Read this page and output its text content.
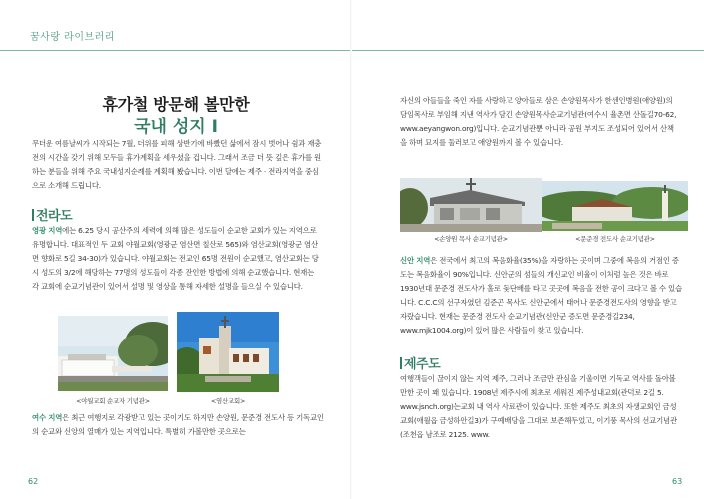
꿈사랑 라이브러리
휴가철 방문해 볼만한
국내 성지 I

무더운 여름날씨가 시작되는 7월, 더위를 피해 상반기에 바빴던 삶에서 잠시 벗어나 쉼과 재충전의 시간을 갖기 위해 모두들 휴가계획을 세우셨을 겁니다. 그래서 조금 더 뜻 깊은 휴가를 원하는 분들을 위해 주요 국내성지순례를 계획해 봤습니다. 이번 달에는 제주 · 전라지역을 중심으로 소개해 드립니다.

전라도

영광 지역에는 6.25 당시 공산주의 세력에 의해 많은 성도들이 순교한 교회가 있는 지역으로 유명합니다. 대표적인 두 교회 야월교회(영광군 염산면 칠산로 565)와 염산교회(영광군 염산면 향화로 5길 34-30)가 있습니다. 야월교회는 전교인 65명 전원이 순교했고, 염산교회는 당시 성도의 3/2에 해당하는 77명의 성도들이 각종 잔인한 방법에 의해 순교했습니다. 현재는 각 교회에 순교기념관이 있어서 설명 및 영상을 통해 자세한 설명을 들으실 수 있습니다.

<야월교회 순교자 기념관>	<염산교회>

여수 지역은 최근 여행지로 각광받고 있는 곳이기도 하지만 손양원, 문준경 전도사 등 기독교인의 순교와 신앙의 열매가 있는 지역입니다. 특별히 가볼만한 곳으로는

62

자신의 아들들을 죽인 자를 사랑하고 양아들로 삼은 손양원목사가 한센인병원(애양원)의 담임목사로 부임해 지낸 역사가 담긴 손양원목사순교기념관(여수시 율촌면 산돌길70-62, www.aeyangwon.org)입니다. 순교기념관뿐 아니라 공원 부지도 조성되어 있어서 산책을 하며 묘지를 둘러보고 애양원까지 볼 수 있습니다.

<손양원 목사 순교기념관>	<문준경 전도사 순교기념관>

신안 지역은 전국에서 최고의 복음화율(35%)을 자랑하는 곳이며 그중에 복음의 거점인 증도는 복음화율이 90%입니다. 신안군의 섬들의 개신교인 비율이 이처럼 높은 것은 바로 1930년대 문준경 전도사가 홀로 돛단배를 타고 곳곳에 복음을 전한 공이 크다고 볼 수 있습니다. C.C.C의 선구자였던 김준곤 목사도 신안군에서 태어나 문준경전도사의 영향을 받고 자랐습니다. 현재는 문준경 전도사 순교기념관(신안군 증도면 문준경길234, www.mjk1004.org)이 있어 많은 사람들이 찾고 있습니다.

제주도

여행객들이 끊이지 않는 지역 제주, 그러나 조금만 관심을 기울이면 기독교 역사를 돌아볼만한 곳이 꽤 있습니다. 1908년 제주시에 최초로 세워진 제주성내교회(관덕로 2길 5. www.jsnch.org)는교회 내 역사 사료관이 있습니다. 또한 제주도 최초의 자생교회인 금성교회(애월읍 금성하안길3)가 구예배당을 그대로 보존해두었고, 이기풍 목사의 선교기념관(조천읍 남조로 2125. www.

63
